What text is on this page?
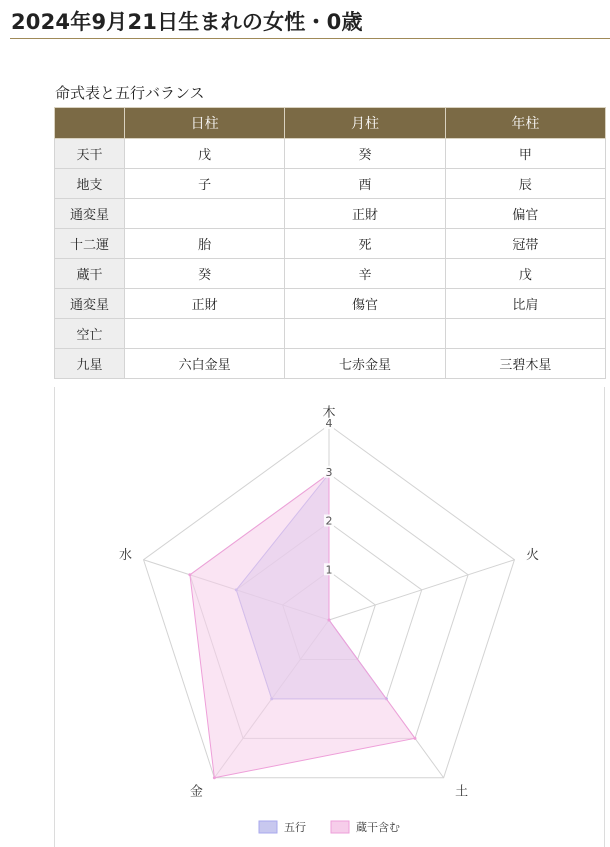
2024年9月21日生まれの女性・0歳
命式表と五行バランス
	日柱	月柱	年柱
天干	戊	癸	甲
地支	子	酉	辰
通変星		正財	偏官
十二運	胎	死	冠帯
蔵干	癸	辛	戊
通変星	正財	傷官	比肩
空亡			
九星	六白金星	七赤金星	三碧木星
1
2
3
4
木
火
土
金
水
五行	蔵干含む
